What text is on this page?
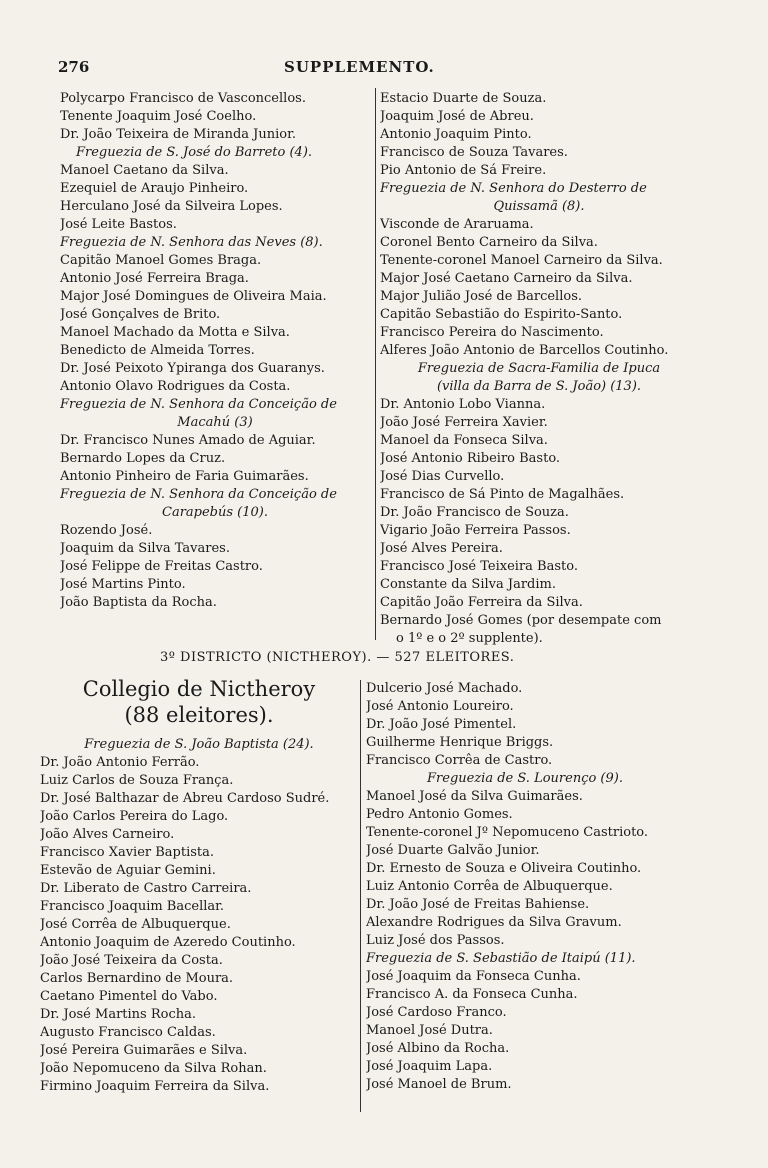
276	SUPPLEMENTO.
Polycarpo Francisco de Vasconcellos.
Tenente Joaquim José Coelho.
Dr. João Teixeira de Miranda Junior.
Freguezia de S. José do Barreto (4).
Manoel Caetano da Silva.
Ezequiel de Araujo Pinheiro.
Herculano José da Silveira Lopes.
José Leite Bastos.
Freguezia de N. Senhora das Neves (8).
Capitão Manoel Gomes Braga.
Antonio José Ferreira Braga.
Major José Domingues de Oliveira Maia.
José Gonçalves de Brito.
Manoel Machado da Motta e Silva.
Benedicto de Almeida Torres.
Dr. José Peixoto Ypiranga dos Guaranys.
Antonio Olavo Rodrigues da Costa.
Freguezia de N. Senhora da Conceição de
Macahú (3)
Dr. Francisco Nunes Amado de Aguiar.
Bernardo Lopes da Cruz.
Antonio Pinheiro de Faria Guimarães.
Freguezia de N. Senhora da Conceição de
Carapebús (10).
Rozendo José.
Joaquim da Silva Tavares.
José Felippe de Freitas Castro.
José Martins Pinto.
João Baptista da Rocha.
Estacio Duarte de Souza.
Joaquim José de Abreu.
Antonio Joaquim Pinto.
Francisco de Souza Tavares.
Pio Antonio de Sá Freire.
Freguezia de N. Senhora do Desterro de
Quissamã (8).
Visconde de Araruama.
Coronel Bento Carneiro da Silva.
Tenente-coronel Manoel Carneiro da Silva.
Major José Caetano Carneiro da Silva.
Major Julião José de Barcellos.
Capitão Sebastião do Espirito-Santo.
Francisco Pereira do Nascimento.
Alferes João Antonio de Barcellos Coutinho.
Freguezia de Sacra-Familia de Ipuca
(villa da Barra de S. João) (13).
Dr. Antonio Lobo Vianna.
João José Ferreira Xavier.
Manoel da Fonseca Silva.
José Antonio Ribeiro Basto.
José Dias Curvello.
Francisco de Sá Pinto de Magalhães.
Dr. João Francisco de Souza.
Vigario João Ferreira Passos.
José Alves Pereira.
Francisco José Teixeira Basto.
Constante da Silva Jardim.
Capitão João Ferreira da Silva.
Bernardo José Gomes (por desempate com
o 1º e o 2º supplente).
3º DISTRICTO (NICTHEROY). — 527 ELEITORES.
Collegio de Nictheroy
(88 eleitores).
Freguezia de S. João Baptista (24).
Dr. João Antonio Ferrão.
Luiz Carlos de Souza França.
Dr. José Balthazar de Abreu Cardoso Sudré.
João Carlos Pereira do Lago.
João Alves Carneiro.
Francisco Xavier Baptista.
Estevão de Aguiar Gemini.
Dr. Liberato de Castro Carreira.
Francisco Joaquim Bacellar.
José Corrêa de Albuquerque.
Antonio Joaquim de Azeredo Coutinho.
João José Teixeira da Costa.
Carlos Bernardino de Moura.
Caetano Pimentel do Vabo.
Dr. José Martins Rocha.
Augusto Francisco Caldas.
José Pereira Guimarães e Silva.
João Nepomuceno da Silva Rohan.
Firmino Joaquim Ferreira da Silva.
Dulcerio José Machado.
José Antonio Loureiro.
Dr. João José Pimentel.
Guilherme Henrique Briggs.
Francisco Corrêa de Castro.
Freguezia de S. Lourenço (9).
Manoel José da Silva Guimarães.
Pedro Antonio Gomes.
Tenente-coronel Jº Nepomuceno Castrioto.
José Duarte Galvão Junior.
Dr. Ernesto de Souza e Oliveira Coutinho.
Luiz Antonio Corrêa de Albuquerque.
Dr. João José de Freitas Bahiense.
Alexandre Rodrigues da Silva Gravum.
Luiz José dos Passos.
Freguezia de S. Sebastião de Itaipú (11).
José Joaquim da Fonseca Cunha.
Francisco A. da Fonseca Cunha.
José Cardoso Franco.
Manoel José Dutra.
José Albino da Rocha.
José Joaquim Lapa.
José Manoel de Brum.
